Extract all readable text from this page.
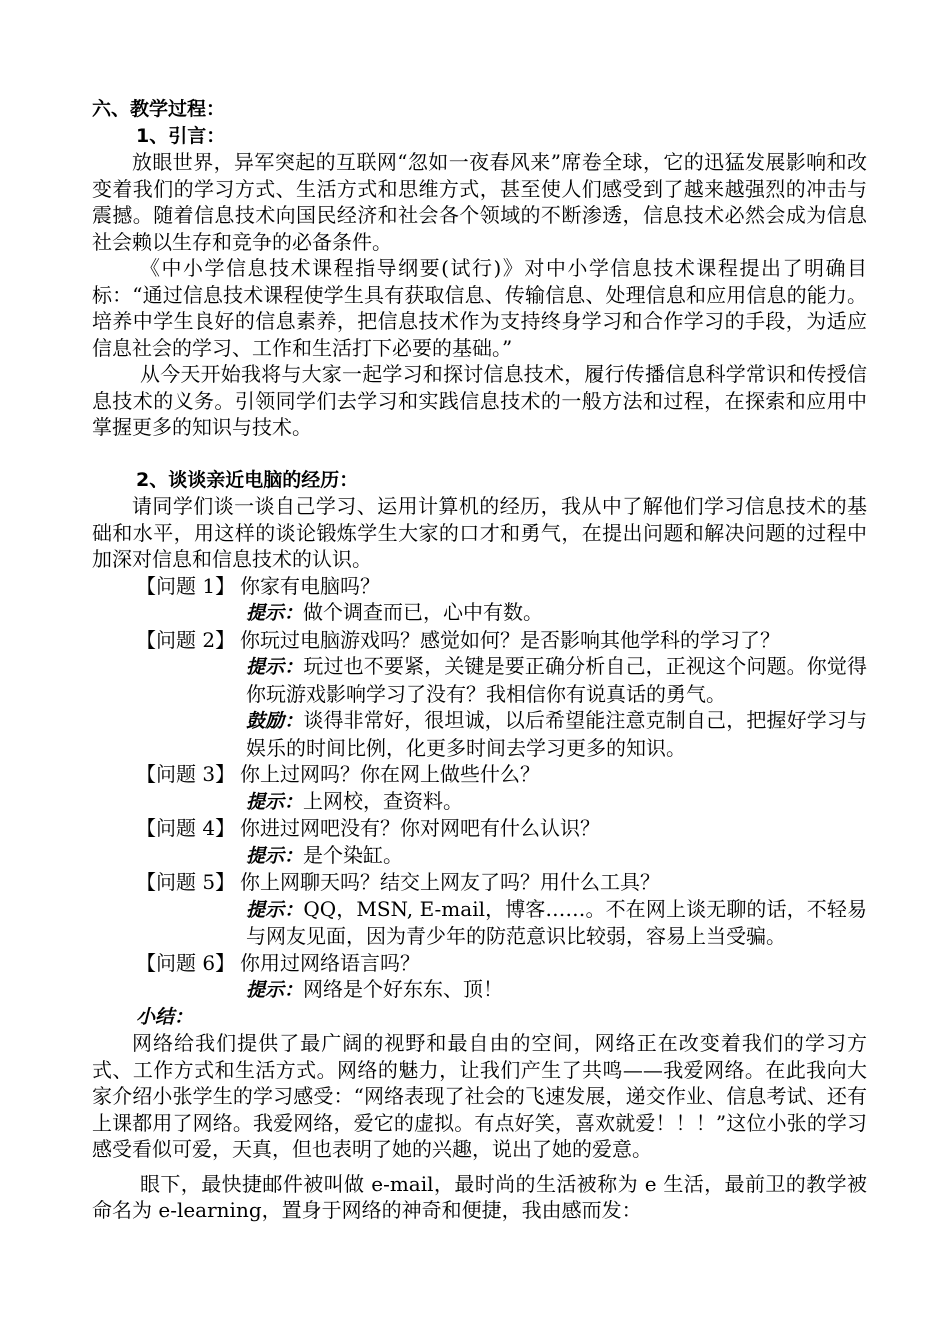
六、教学过程：
1、引言：

放眼世界，异军突起的互联网“忽如一夜春风来”席卷全球，它的迅猛发展影响和改变着我们的学习方式、生活方式和思维方式，甚至使人们感受到了越来越强烈的冲击与震撼。随着信息技术向国民经济和社会各个领域的不断渗透，信息技术必然会成为信息社会赖以生存和竞争的必备条件。

《中小学信息技术课程指导纲要(试行)》对中小学信息技术课程提出了明确目标：“通过信息技术课程使学生具有获取信息、传输信息、处理信息和应用信息的能力。培养中学生良好的信息素养，把信息技术作为支持终身学习和合作学习的手段，为适应信息社会的学习、工作和生活打下必要的基础。”

从今天开始我将与大家一起学习和探讨信息技术，履行传播信息科学常识和传授信息技术的义务。引领同学们去学习和实践信息技术的一般方法和过程，在探索和应用中掌握更多的知识与技术。

2、谈谈亲近电脑的经历：

请同学们谈一谈自己学习、运用计算机的经历，我从中了解他们学习信息技术的基础和水平，用这样的谈论锻炼学生大家的口才和勇气，在提出问题和解决问题的过程中加深对信息和信息技术的认识。

【问题 1】 你家有电脑吗？
提示：做个调查而已，心中有数。
【问题 2】 你玩过电脑游戏吗？感觉如何？是否影响其他学科的学习了？
提示：玩过也不要紧，关键是要正确分析自己，正视这个问题。你觉得你玩游戏影响学习了没有？我相信你有说真话的勇气。
鼓励：谈得非常好，很坦诚，以后希望能注意克制自己，把握好学习与娱乐的时间比例，化更多时间去学习更多的知识。
【问题 3】 你上过网吗？你在网上做些什么？
提示：上网校，查资料。
【问题 4】 你进过网吧没有？你对网吧有什么认识？
提示：是个染缸。
【问题 5】 你上网聊天吗？结交上网友了吗？用什么工具？
提示：QQ，MSN, E-mail，博客……。不在网上谈无聊的话，不轻易与网友见面，因为青少年的防范意识比较弱，容易上当受骗。
【问题 6】 你用过网络语言吗？
提示：网络是个好东东、顶！
小结：

网络给我们提供了最广阔的视野和最自由的空间，网络正在改变着我们的学习方式、工作方式和生活方式。网络的魅力，让我们产生了共鸣——我爱网络。在此我向大家介绍小张学生的学习感受：“网络表现了社会的飞速发展，递交作业、信息考试、还有上课都用了网络。我爱网络，爱它的虚拟。有点好笑，喜欢就爱！！！”这位小张的学习感受看似可爱，天真，但也表明了她的兴趣，说出了她的爱意。

眼下，最快捷邮件被叫做 e-mail，最时尚的生活被称为 e 生活，最前卫的教学被命名为 e-learning，置身于网络的神奇和便捷，我由感而发：
